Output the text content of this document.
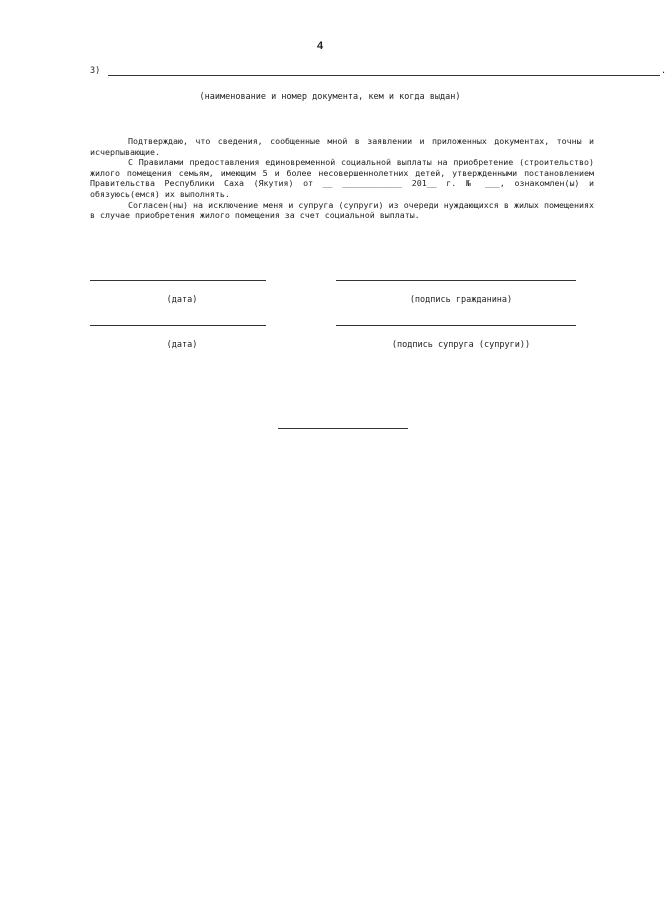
4
3)	.
(наименование и номер документа, кем и когда выдан)

Подтверждаю, что сведения, сообщенные мной в заявлении и приложенных документах, точны и исчерпывающие.

С Правилами предоставления единовременной социальной выплаты на приобретение (строительство) жилого помещения семьям, имеющим 5 и более несовершеннолетних детей, утвержденными постановлением Правительства Республики Саха (Якутия) от __ ____________ 201__ г. № ___, ознакомлен(ы) и обязуюсь(емся) их выполнять.

Согласен(ны) на исключение меня и супруга (супруги) из очереди нуждающихся в жилых помещениях в случае приобретения жилого помещения за счет социальной выплаты.

(дата)	(подпись гражданина)
(дата)	(подпись супруга (супруги))
